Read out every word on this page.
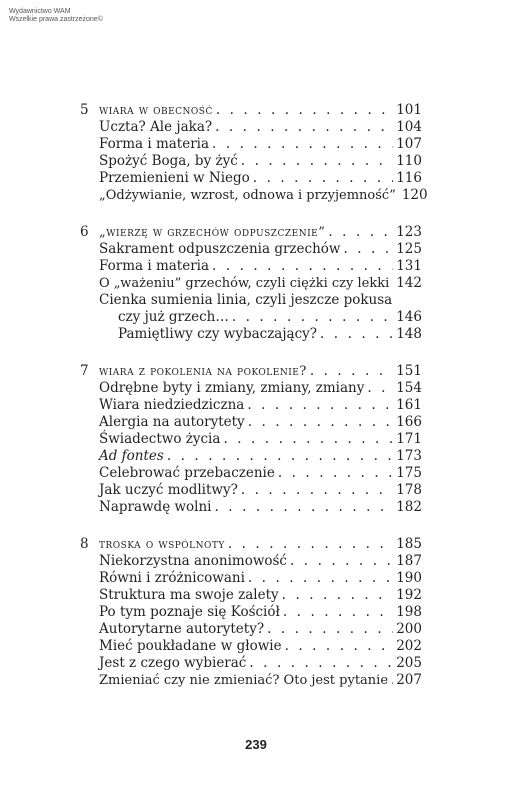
Wydawnictwo WAM
Wszelkie prawa zastrzeżone©
5 wiara w obecność . . .	101
Uczta? Ale jaka? . . .	104
Forma i materia . . .	107
Spożyć Boga, by żyć . . .	110
Przemienieni w Niego . . .	116
„Odżywianie, wzrost, odnowa i przyjemność” 120
6 „wierzę w grzechów odpuszczenie” . . .	123
Sakrament odpuszczenia grzechów . . .	125
Forma i materia . . .	131
O „ważeniu” grzechów, czyli ciężki czy lekki . . . 142
Cienka sumienia linia, czyli jeszcze pokusa
czy już grzech… . . .	146
Pamiętliwy czy wybaczający? . . .	148
7 wiara z pokolenia na pokolenie? . . .	151
Odrębne byty i zmiany, zmiany, zmiany . . . 154
Wiara niedziedziczna . . .	161
Alergia na autorytety . . .	166
Świadectwo życia . . .	171
Ad fontes . . .	173
Celebrować przebaczenie . . .	175
Jak uczyć modlitwy? . . .	178
Naprawdę wolni . . .	182
8 troska o wspólnoty . . .	185
Niekorzystna anonimowość . . .	187
Równi i zróżnicowani . . .	190
Struktura ma swoje zalety . . .	192
Po tym poznaje się Kościół . . .	198
Autorytarne autorytety? . . .	200
Mieć poukładane w głowie . . .	202
Jest z czego wybierać . . .	205
Zmieniać czy nie zmieniać? Oto jest pytanie . . . 207
239
